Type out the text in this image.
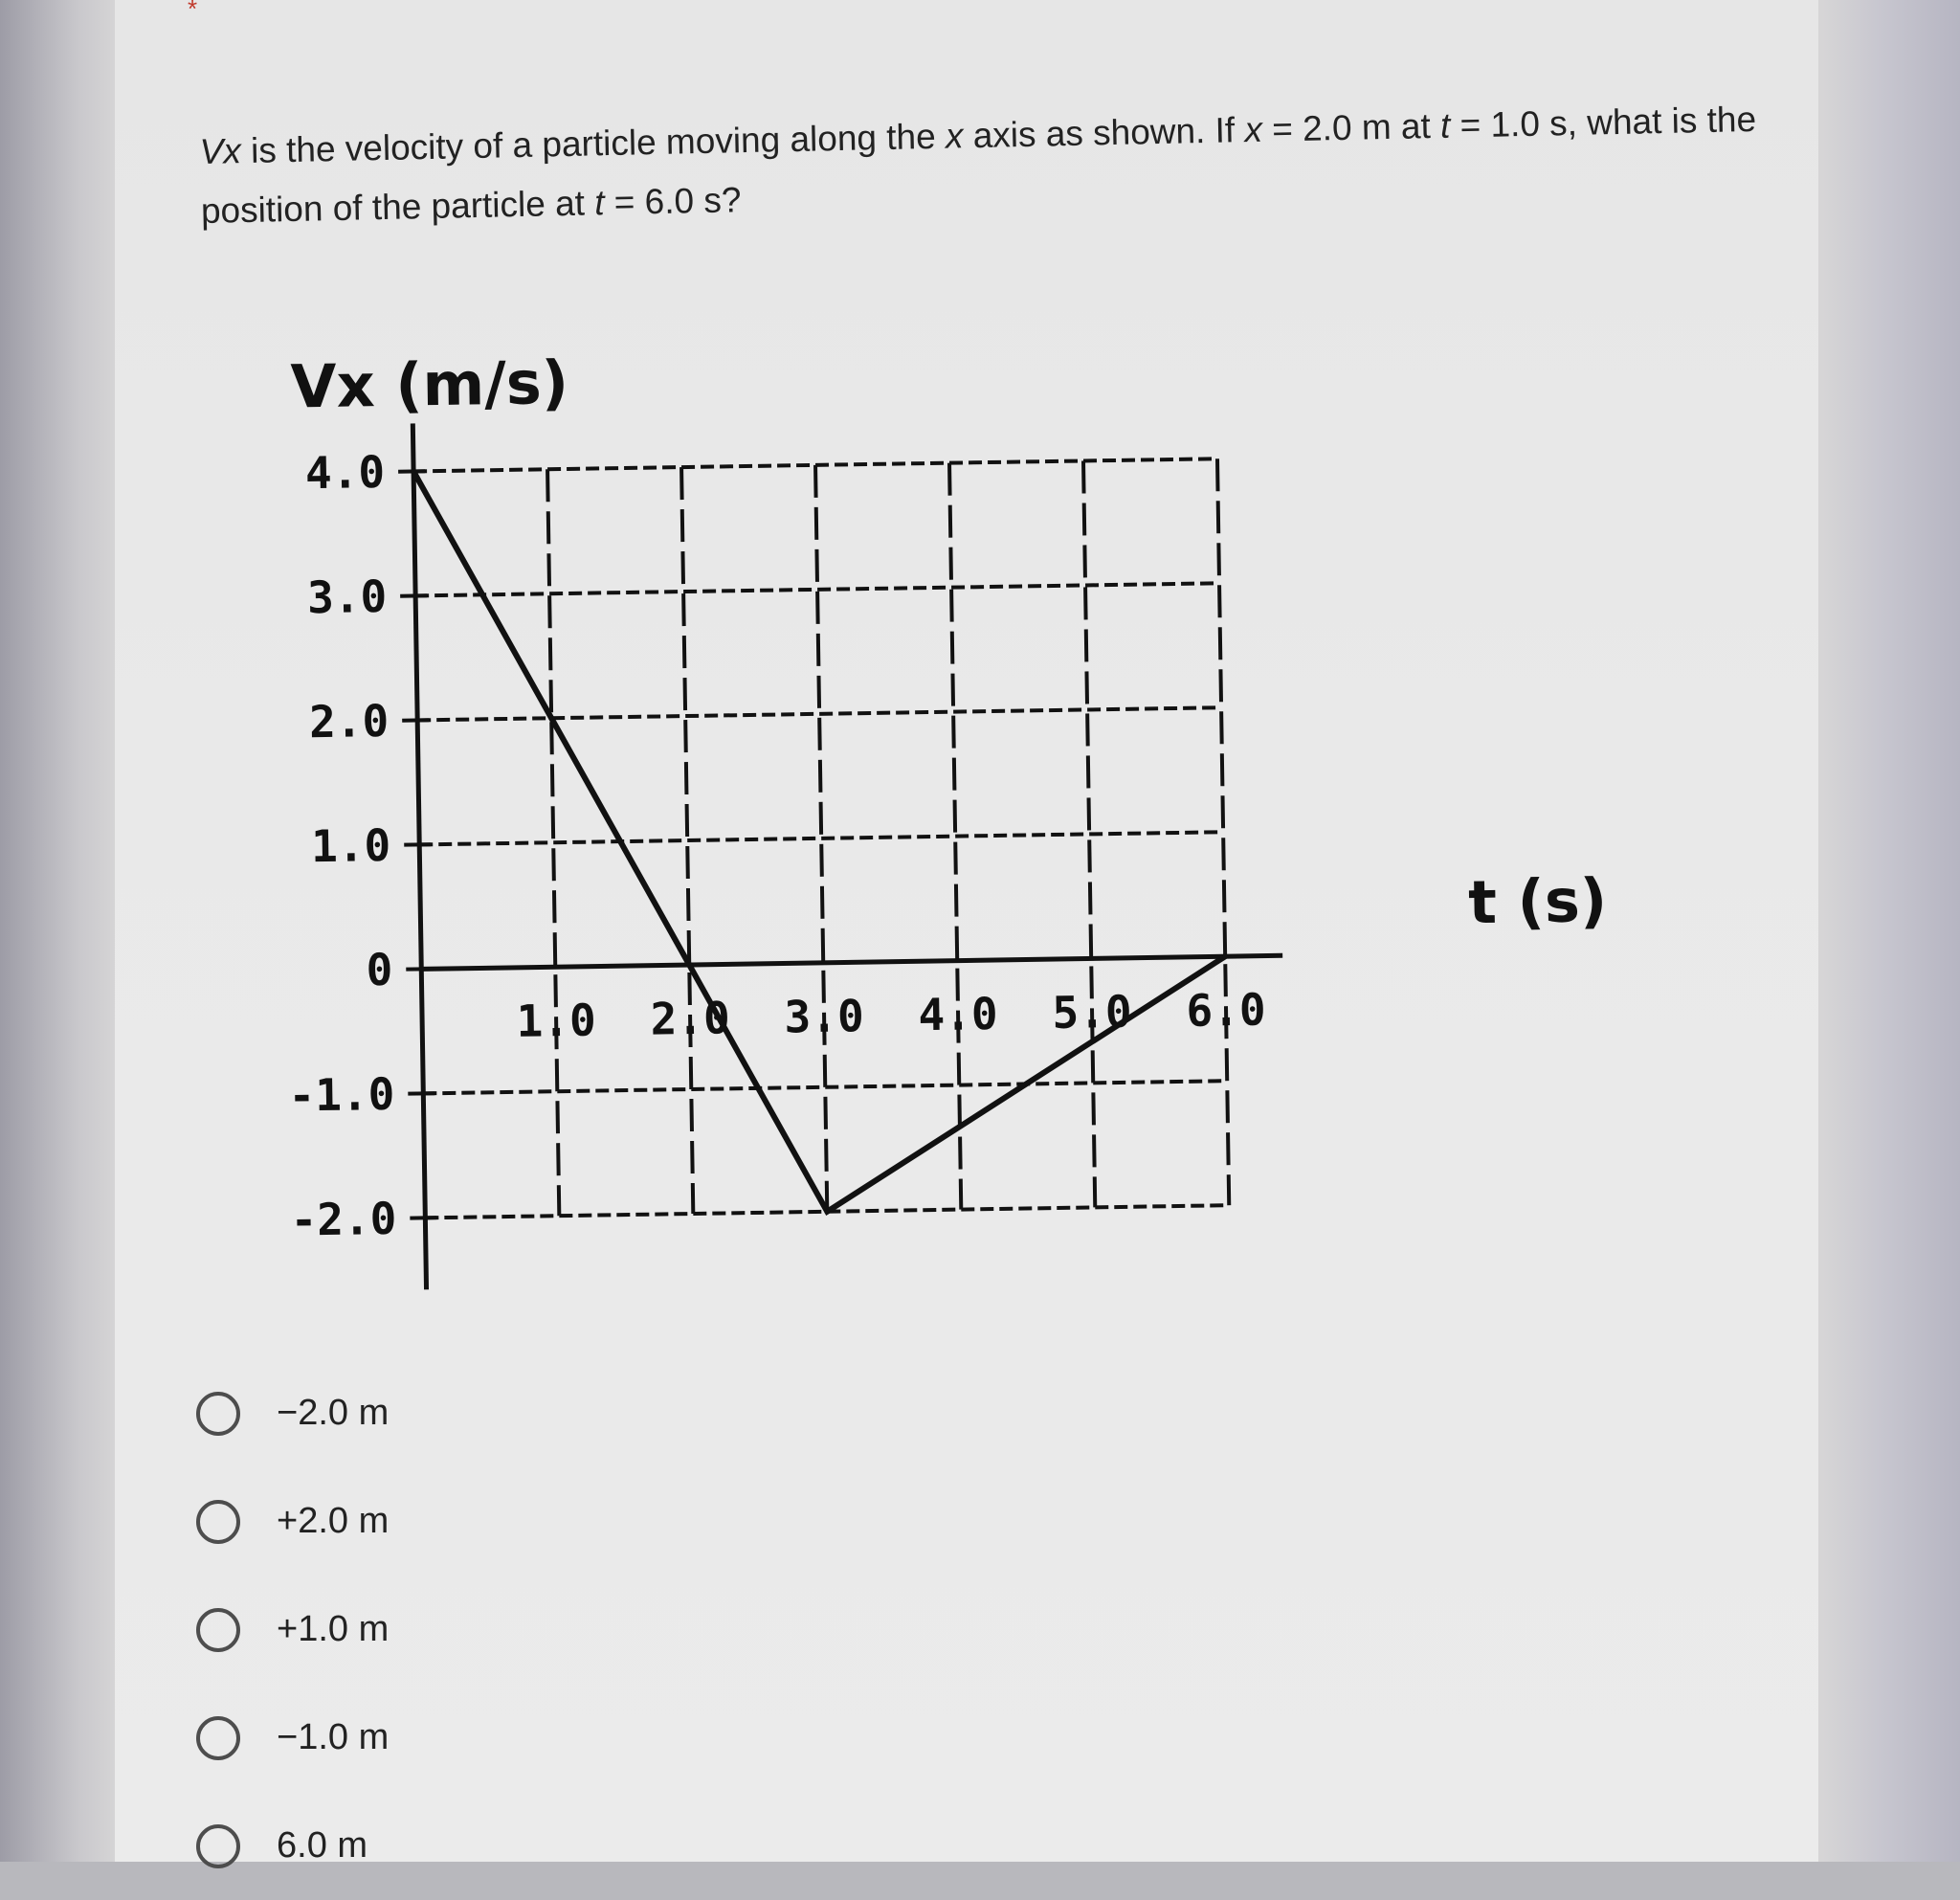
*
Vx is the velocity of a particle moving along the x axis as shown. If x = 2.0 m at t = 1.0 s, what is the position of the particle at t = 6.0 s?
Vx (m/s)
t (s)
4.0
3.0
2.0
1.0
0
-1.0
-2.0
1.0 2.0 3.0 4.0 5.0 6.0
−2.0 m
+2.0 m
+1.0 m
−1.0 m
6.0 m
